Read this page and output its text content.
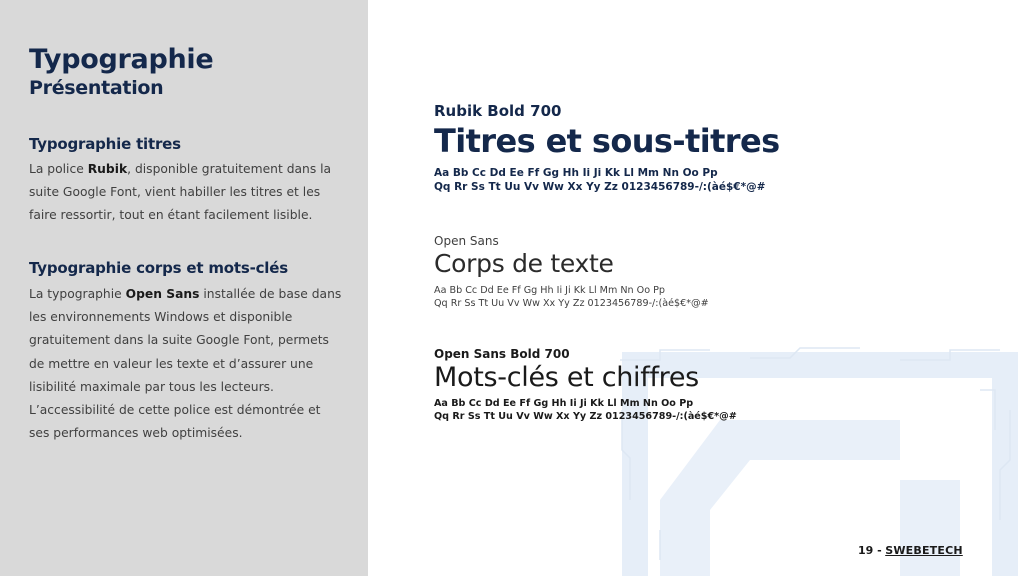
Typographie
Présentation
Typographie titres

La police Rubik, disponible gratuitement dans la suite Google Font, vient habiller les titres et les faire ressortir, tout en étant facilement lisible.

Typographie corps et mots-clés

La typographie Open Sans installée de base dans les environnements Windows et disponible gratuitement dans la suite Google Font, permets de mettre en valeur les texte et d’assurer une lisibilité maximale par tous les lecteurs. L’accessibilité de cette police est démontrée et ses performances web optimisées.

Rubik Bold 700

Titres et sous-titres

Aa Bb Cc Dd Ee Ff Gg Hh Ii Ji Kk Ll Mm Nn Oo Pp
Qq Rr Ss Tt Uu Vv Ww Xx Yy Zz 0123456789-/:(àé$€*@#

Open Sans

Corps de texte

Aa Bb Cc Dd Ee Ff Gg Hh Ii Ji Kk Ll Mm Nn Oo Pp
Qq Rr Ss Tt Uu Vv Ww Xx Yy Zz 0123456789-/:(àé$€*@#

Open Sans Bold 700

Mots-clés et chiffres

Aa Bb Cc Dd Ee Ff Gg Hh Ii Ji Kk Ll Mm Nn Oo Pp
Qq Rr Ss Tt Uu Vv Ww Xx Yy Zz 0123456789-/:(àé$€*@#

19 - SWEBETECH
